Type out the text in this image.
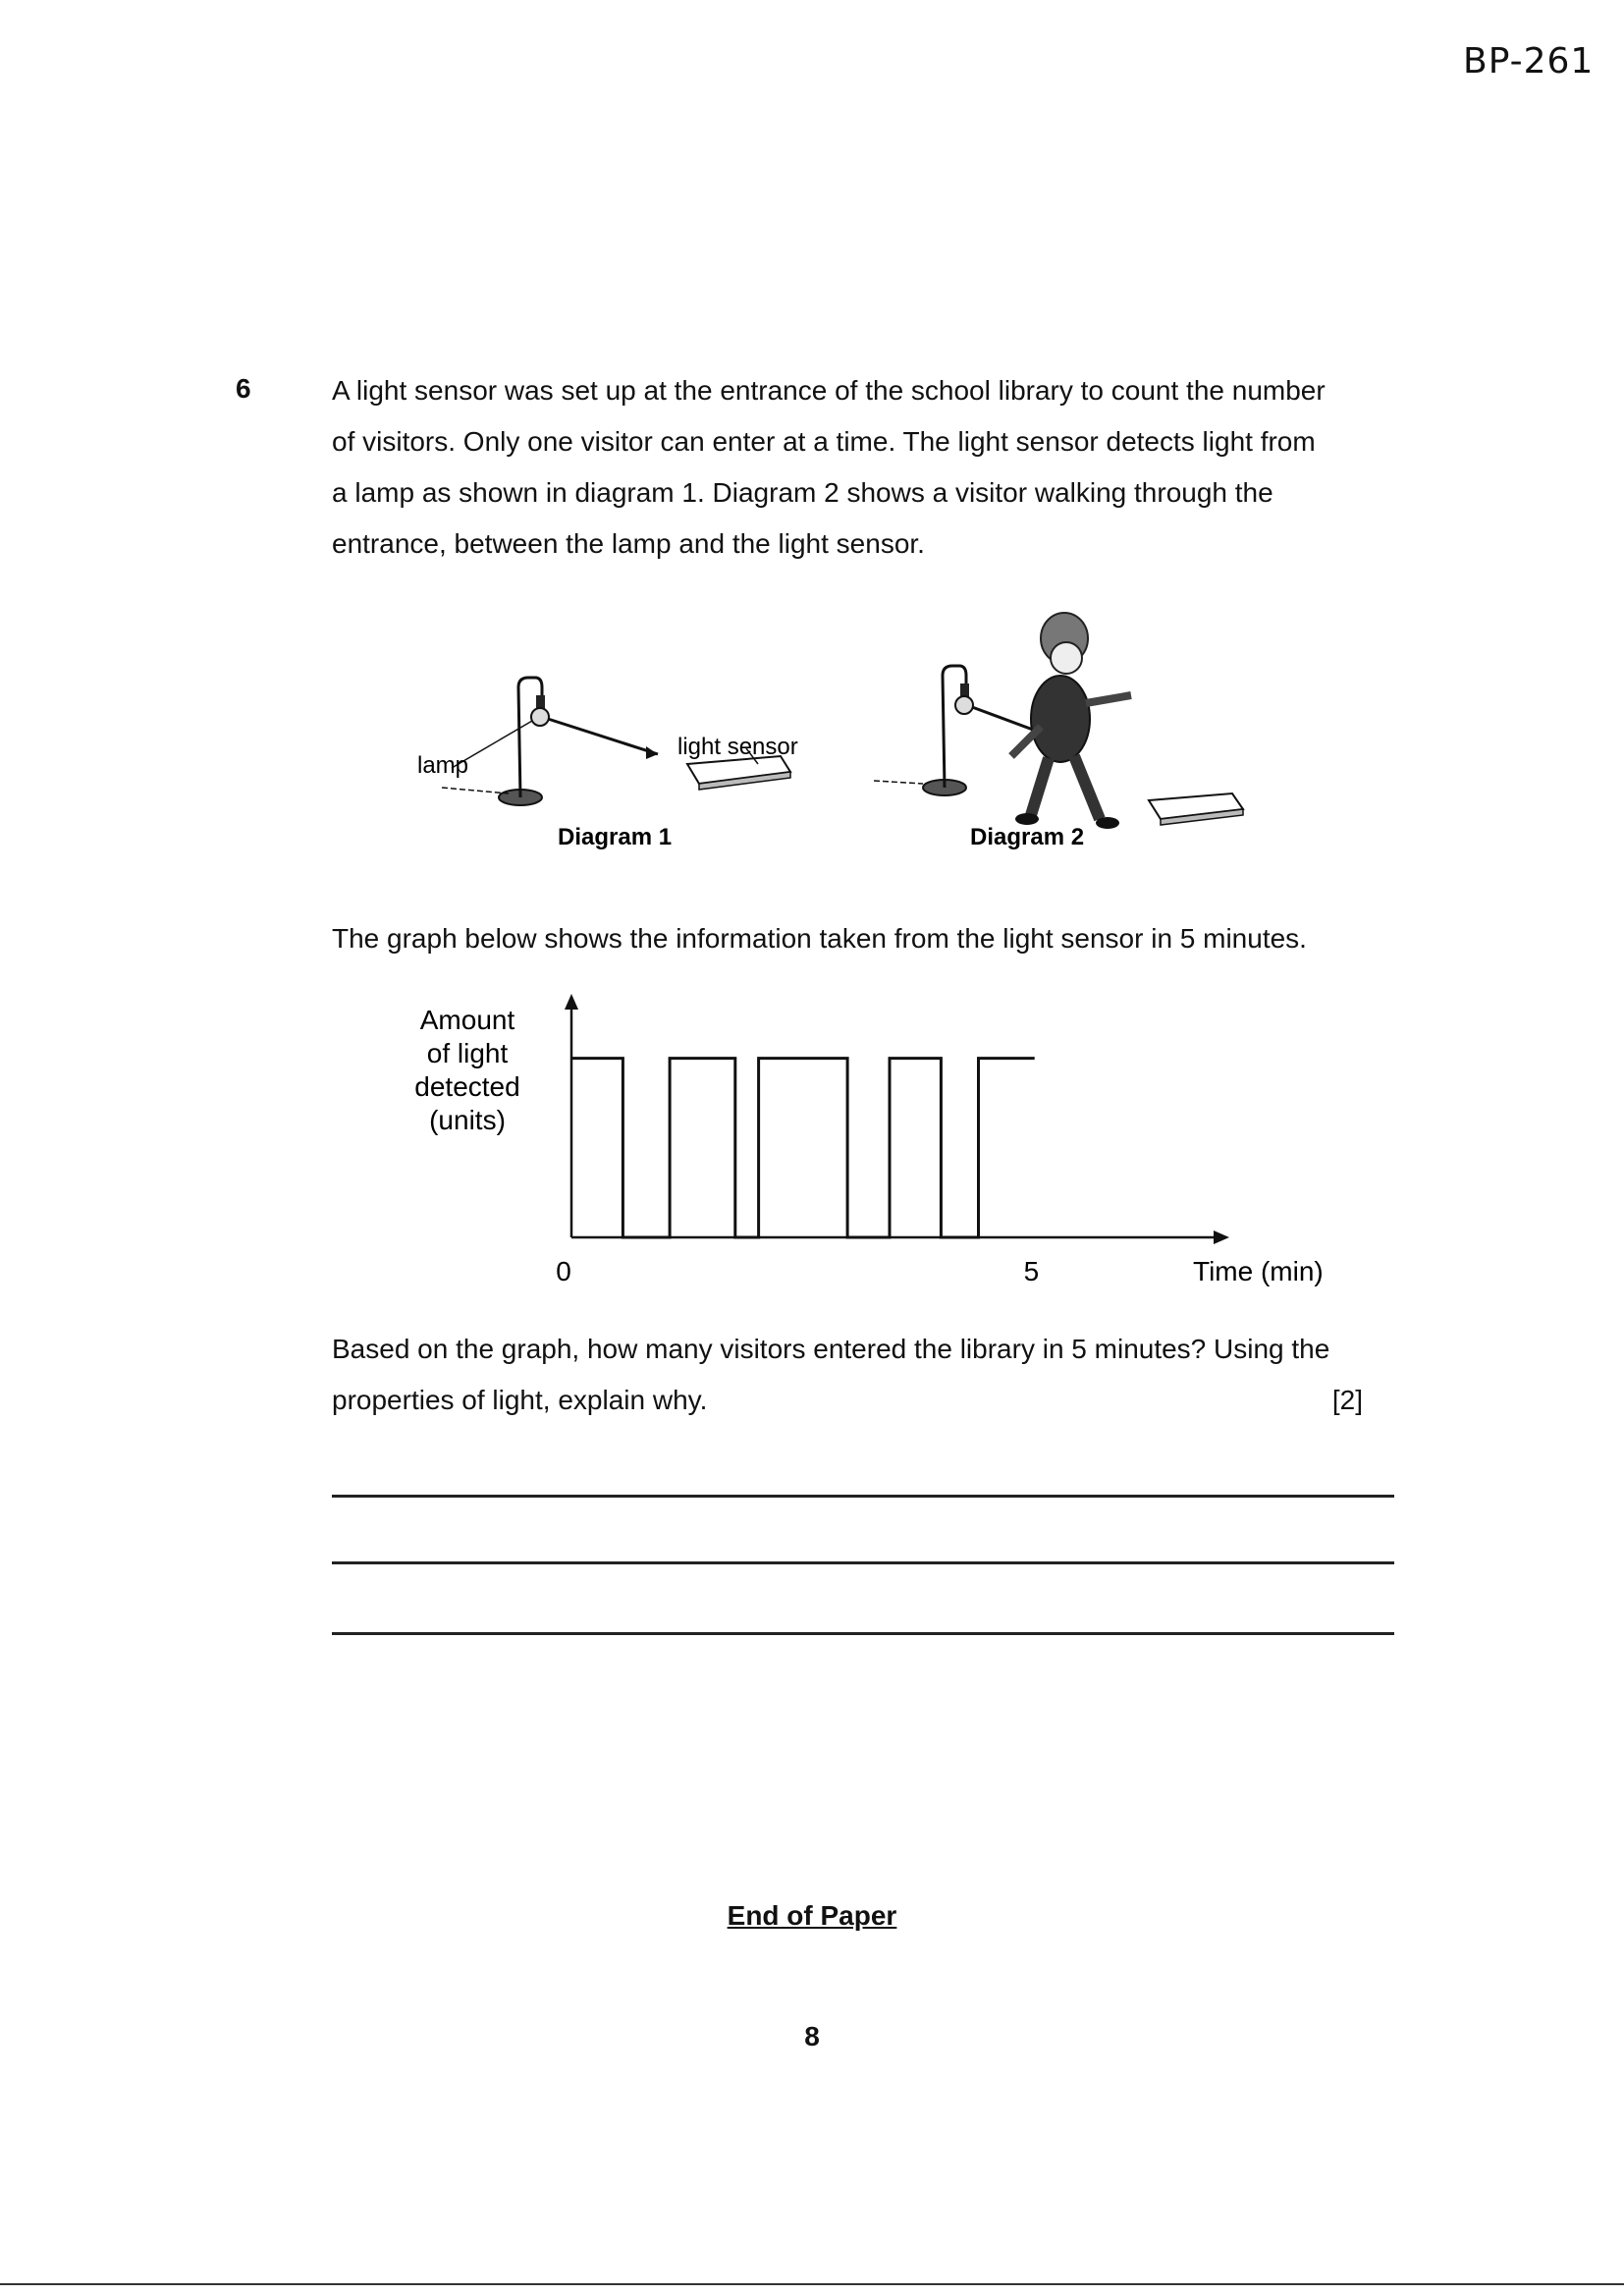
BP-261
6	A light sensor was set up at the entrance of the school library to count the number

of visitors. Only one visitor can enter at a time. The light sensor detects light from

a lamp as shown in diagram 1. Diagram 2 shows a visitor walking through the

entrance, between the lamp and the light sensor.

lamp
light sensor
Diagram 1	Diagram 2
The graph below shows the information taken from the light sensor in 5 minutes.
Amount
of light
detected
(units)
0	5	Time (min)
Based on the graph, how many visitors entered the library in 5 minutes? Using the
properties of light, explain why.	[2]
End of Paper
8
